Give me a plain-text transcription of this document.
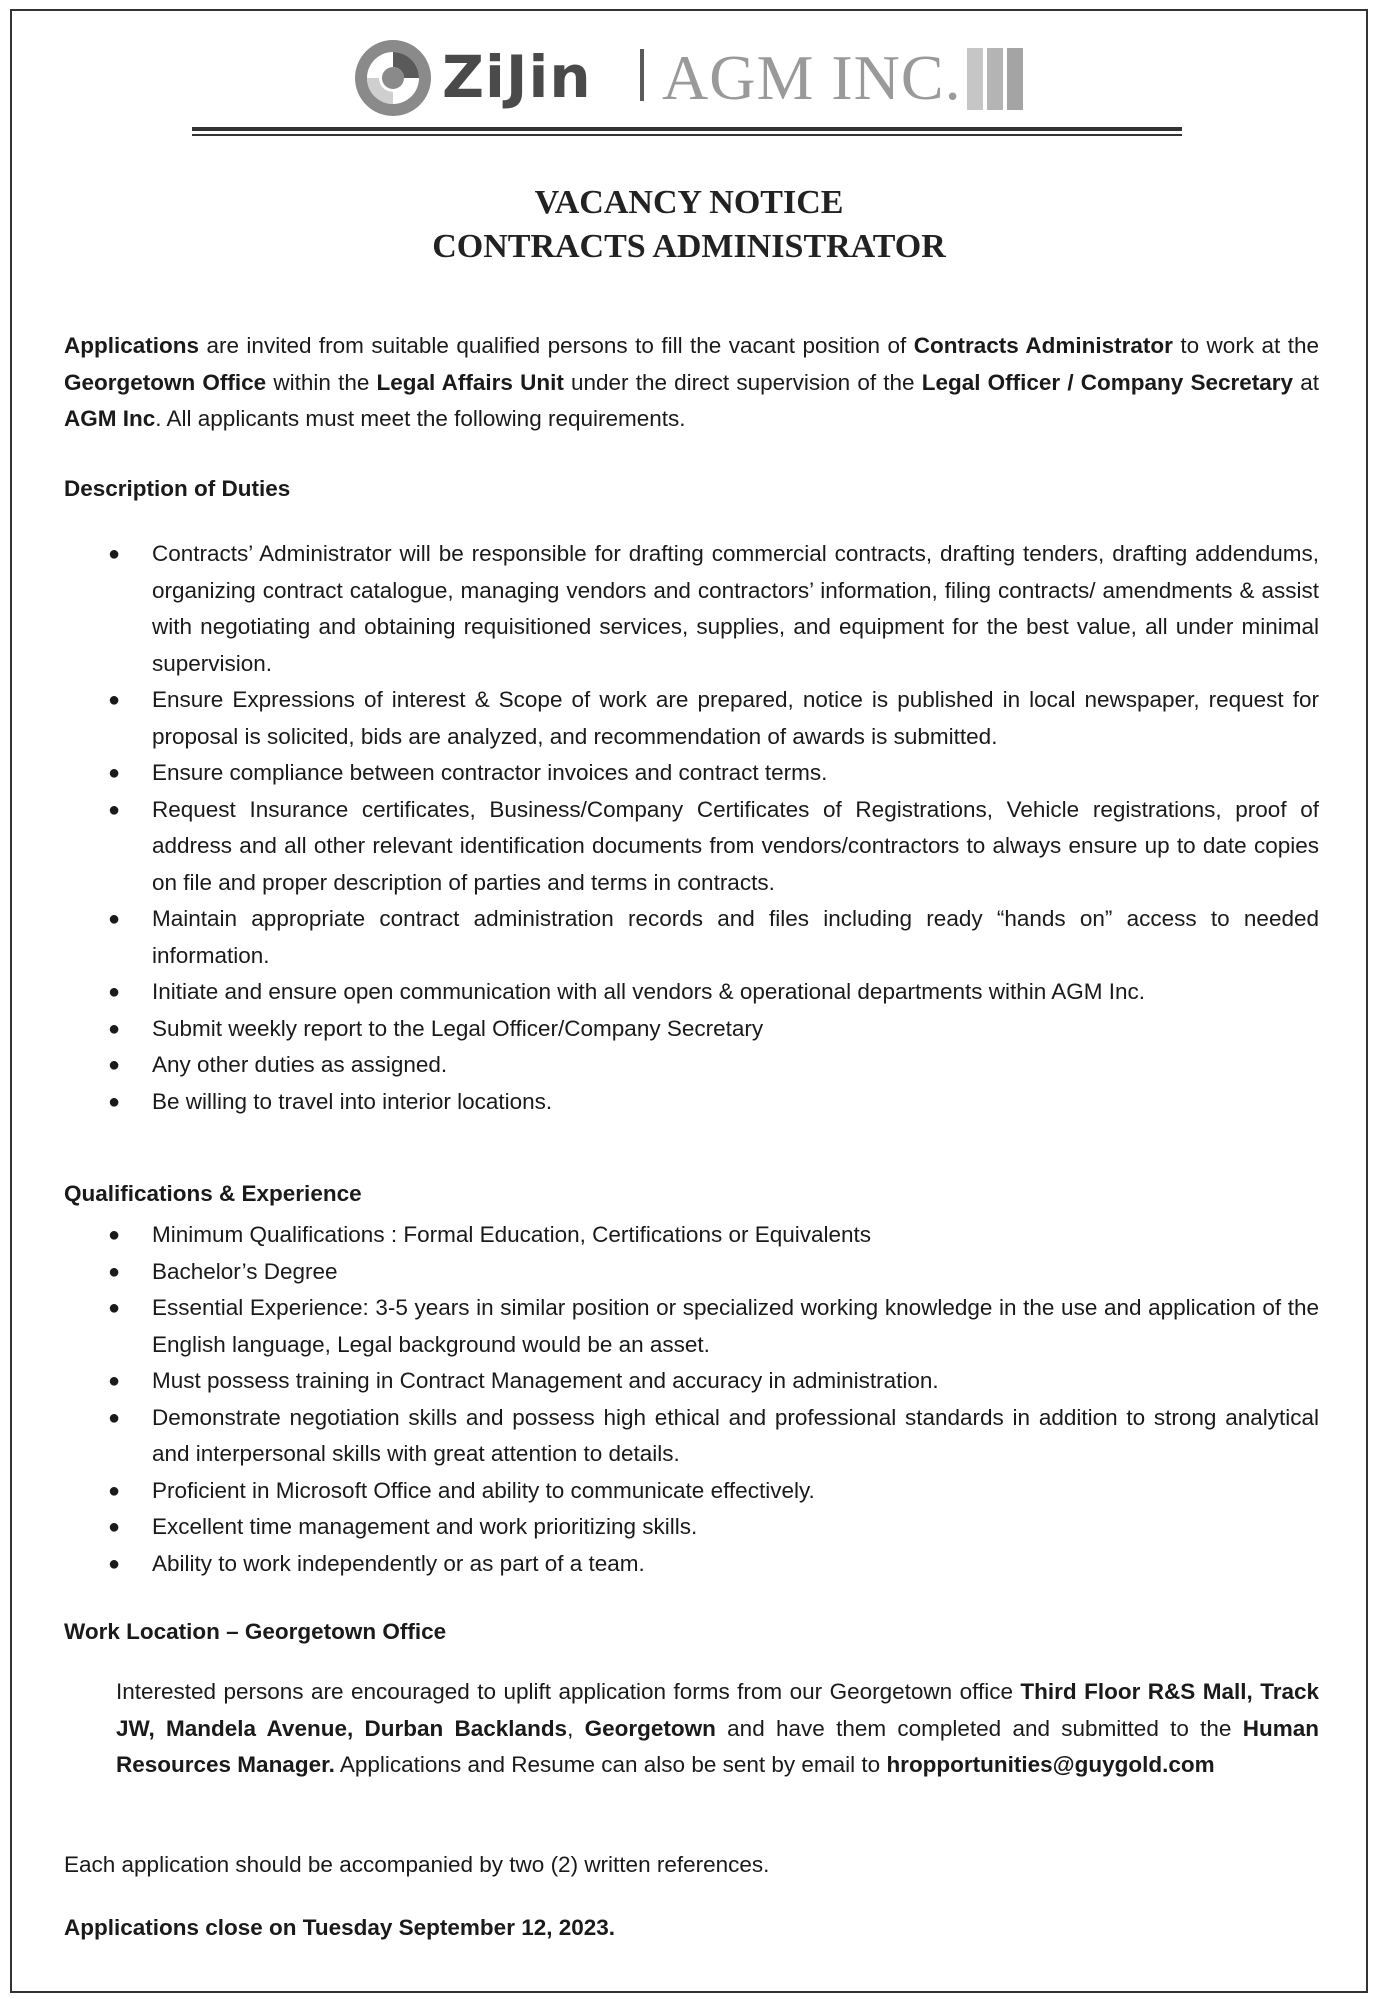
ZiJin AGM INC.
VACANCY NOTICE
CONTRACTS ADMINISTRATOR

Applications are invited from suitable qualified persons to fill the vacant position of Contracts Administrator to work at the Georgetown Office within the Legal Affairs Unit under the direct supervision of the Legal Officer / Company Secretary at AGM Inc. All applicants must meet the following requirements.

Description of Duties
● Contracts’ Administrator will be responsible for drafting commercial contracts, drafting tenders, drafting addendums, organizing contract catalogue, managing vendors and contractors’ information, filing contracts/ amendments & assist with negotiating and obtaining requisitioned services, supplies, and equipment for the best value, all under minimal supervision.
● Ensure Expressions of interest & Scope of work are prepared, notice is published in local newspaper, request for proposal is solicited, bids are analyzed, and recommendation of awards is submitted.
● Ensure compliance between contractor invoices and contract terms.
● Request Insurance certificates, Business/Company Certificates of Registrations, Vehicle registrations, proof of address and all other relevant identification documents from vendors/contractors to always ensure up to date copies on file and proper description of parties and terms in contracts.
● Maintain appropriate contract administration records and files including ready “hands on” access to needed information.
● Initiate and ensure open communication with all vendors & operational departments within AGM Inc.
● Submit weekly report to the Legal Officer/Company Secretary
● Any other duties as assigned.
● Be willing to travel into interior locations.
Qualifications & Experience
● Minimum Qualifications : Formal Education, Certifications or Equivalents
● Bachelor’s Degree
● Essential Experience: 3-5 years in similar position or specialized working knowledge in the use and application of the English language, Legal background would be an asset.
● Must possess training in Contract Management and accuracy in administration.
● Demonstrate negotiation skills and possess high ethical and professional standards in addition to strong analytical and interpersonal skills with great attention to details.
● Proficient in Microsoft Office and ability to communicate effectively.
● Excellent time management and work prioritizing skills.
● Ability to work independently or as part of a team.
Work Location – Georgetown Office

Interested persons are encouraged to uplift application forms from our Georgetown office Third Floor R&S Mall, Track JW, Mandela Avenue, Durban Backlands, Georgetown and have them completed and submitted to the Human Resources Manager. Applications and Resume can also be sent by email to hropportunities@guygold.com

Each application should be accompanied by two (2) written references.

Applications close on Tuesday September 12, 2023.
